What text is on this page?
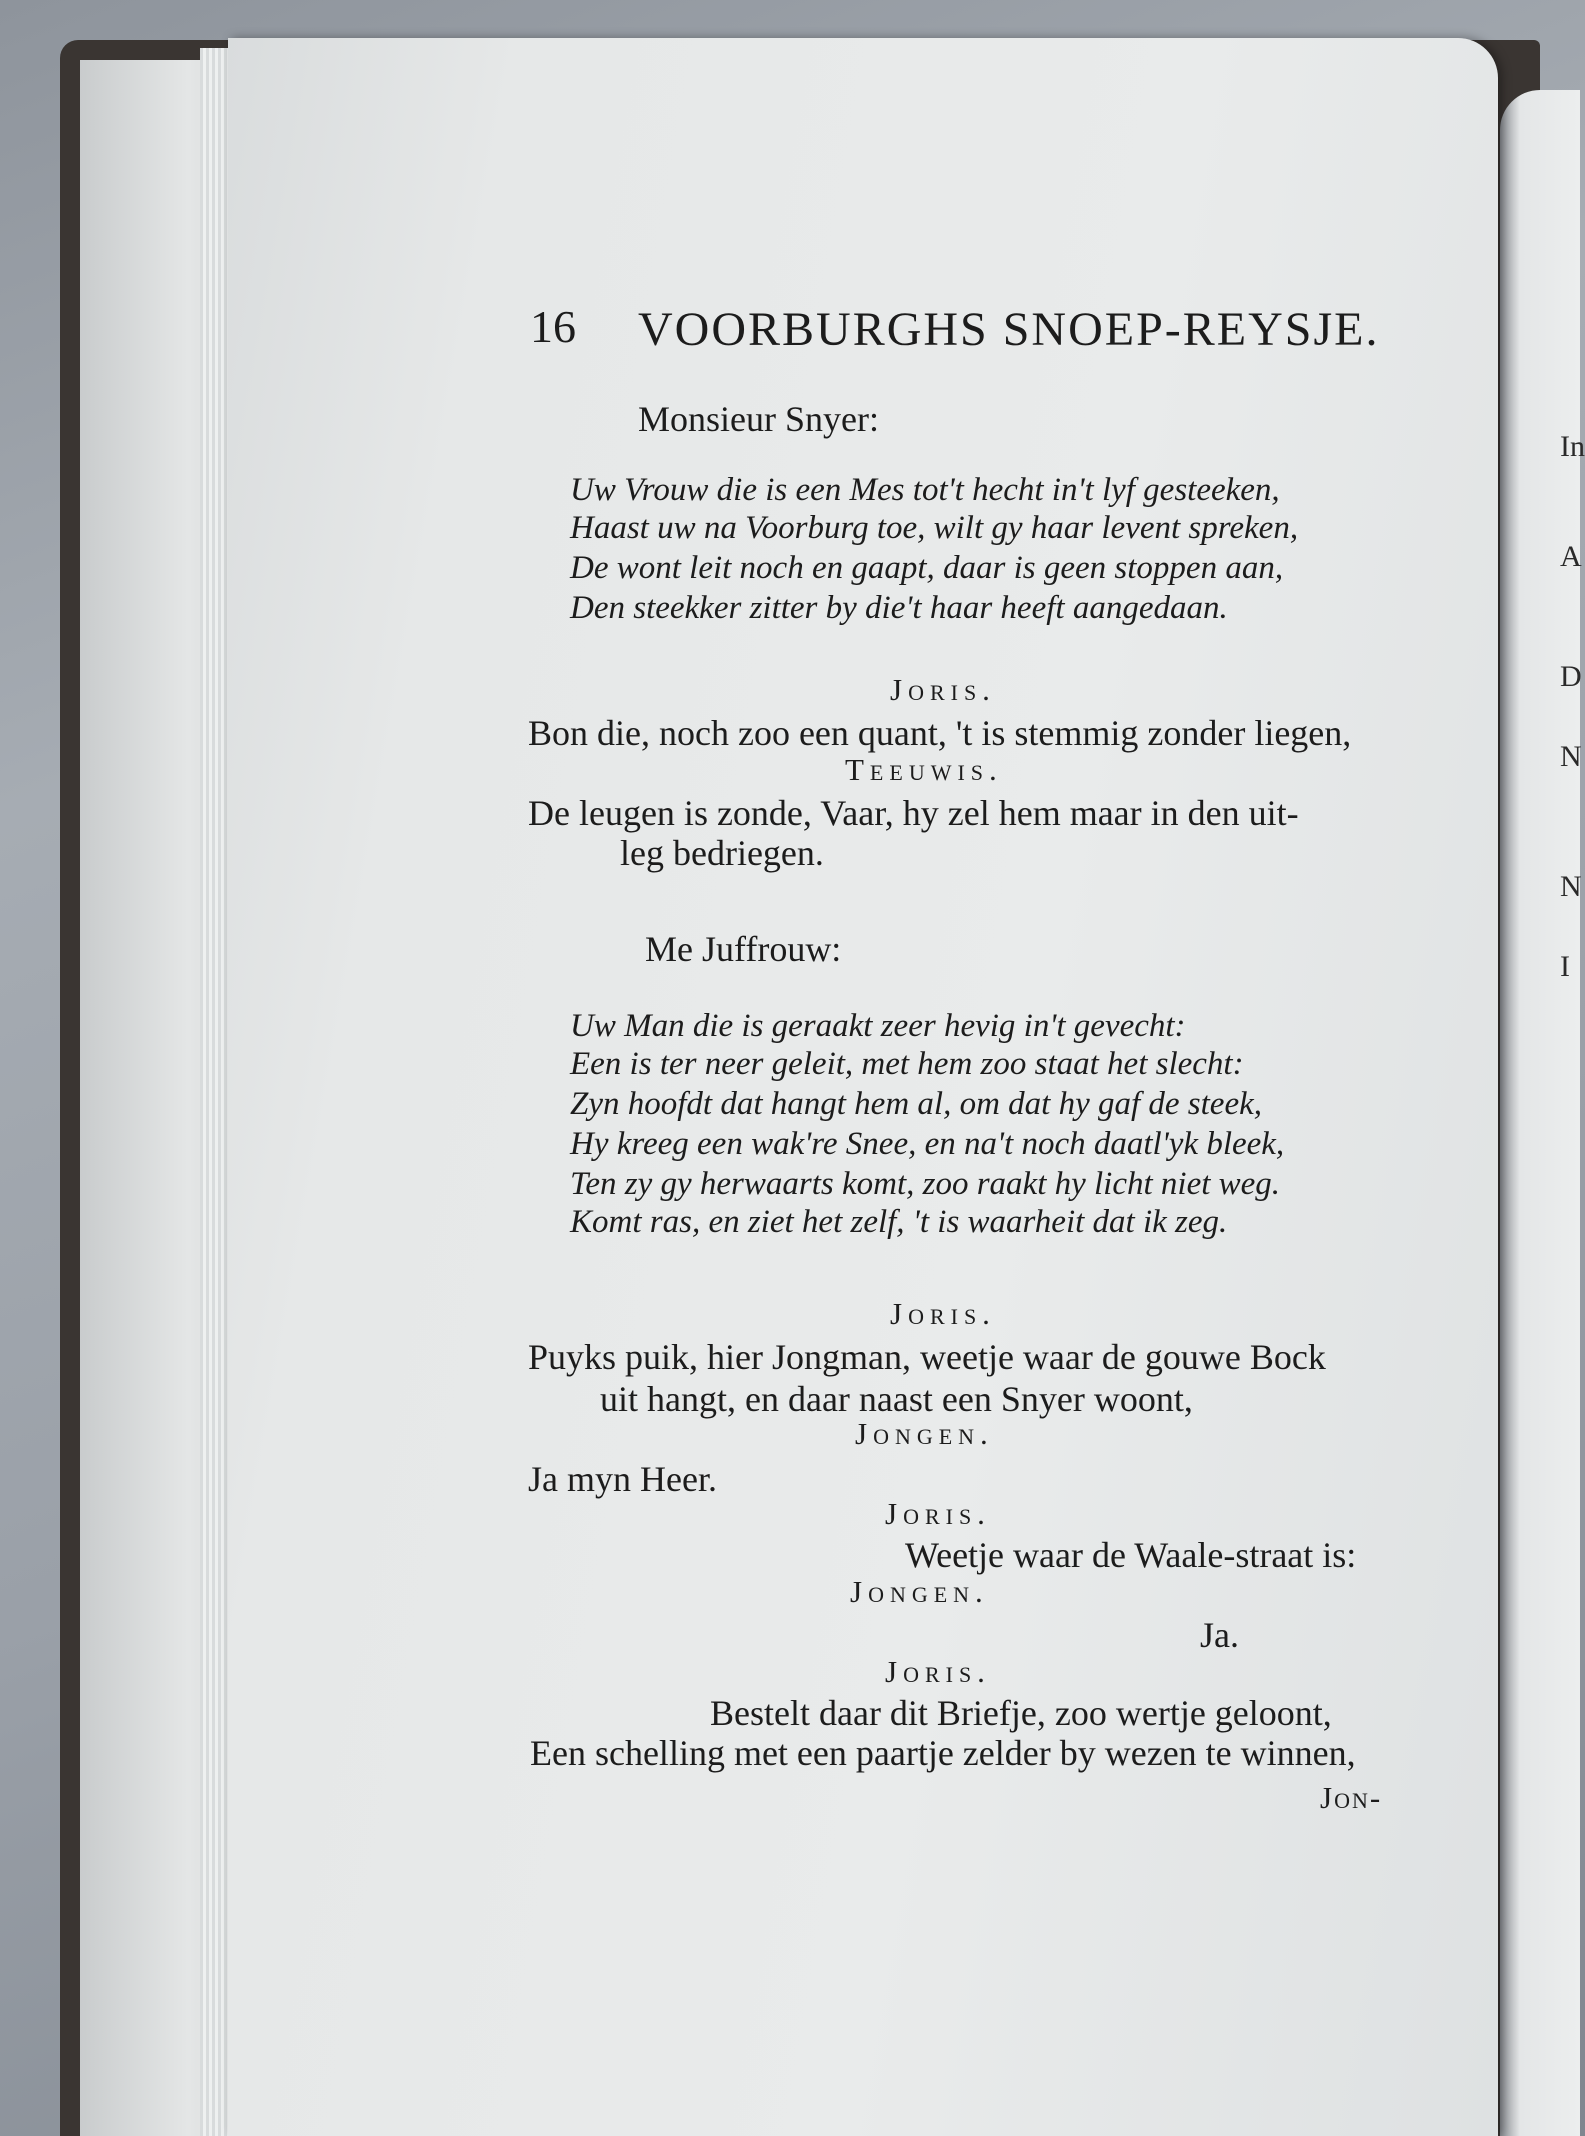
In
A
D
N
N
I
16 VOORBURGHS SNOEP-REYSJE.
Monsieur Snyer:
Uw Vrouw die is een Mes tot't hecht in't lyf gesteeken,
Haast uw na Voorburg toe, wilt gy haar levent spreken,
De wont leit noch en gaapt, daar is geen stoppen aan,
Den steekker zitter by die't haar heeft aangedaan.
Joris.
Bon die, noch zoo een quant, 't is stemmig zonder liegen,
Teeuwis.
De leugen is zonde, Vaar, hy zel hem maar in den uit-
leg bedriegen.
Me Juffrouw:
Uw Man die is geraakt zeer hevig in't gevecht:
Een is ter neer geleit, met hem zoo staat het slecht:
Zyn hoofdt dat hangt hem al, om dat hy gaf de steek,
Hy kreeg een wak're Snee, en na't noch daatl'yk bleek,
Ten zy gy herwaarts komt, zoo raakt hy licht niet weg.
Komt ras, en ziet het zelf, 't is waarheit dat ik zeg.
Joris.
Puyks puik, hier Jongman, weetje waar de gouwe Bock
uit hangt, en daar naast een Snyer woont,
Jongen.
Ja myn Heer.
Joris.
Weetje waar de Waale-straat is:
Jongen.
Ja.
Joris.
Bestelt daar dit Briefje, zoo wertje geloont,
Een schelling met een paartje zelder by wezen te winnen,
Jon-
